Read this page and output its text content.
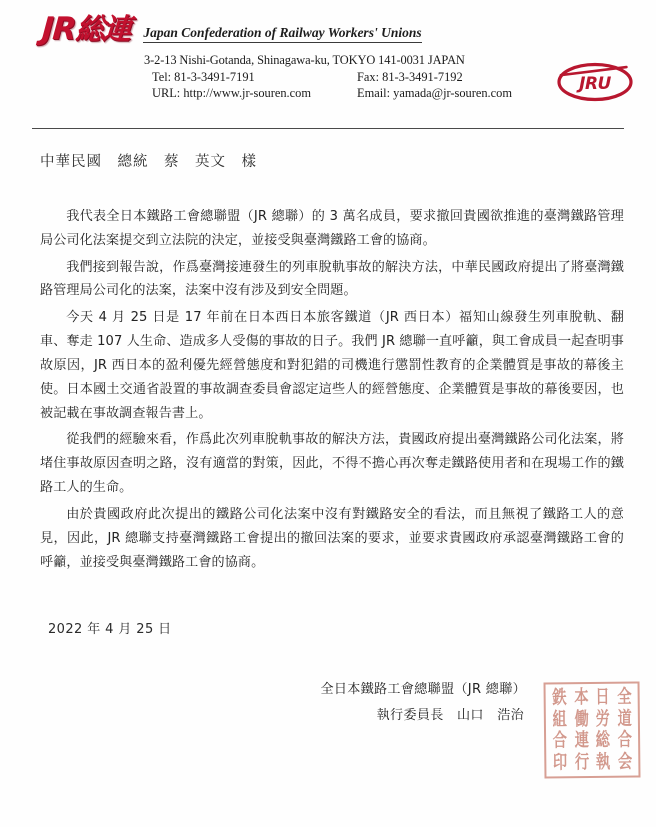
JR総連 Japan Confederation of Railway Workers' Unions
3-2-13 Nishi-Gotanda, Shinagawa-ku, TOKYO 141-0031 JAPAN
Tel: 81-3-3491-7191	Fax: 81-3-3491-7192
URL: http://www.jr-souren.com	Email: yamada@jr-souren.com	JRU
中華民國　總統　蔡　英文　樣

我代表全日本鐵路工會總聯盟（JR 總聯）的 3 萬名成員，要求撤回貴國欲推進的臺灣鐵路管理局公司化法案提交到立法院的決定，並接受與臺灣鐵路工會的協商。

我們接到報告說，作爲臺灣接連發生的列車脫軌事故的解決方法，中華民國政府提出了將臺灣鐵路管理局公司化的法案，法案中沒有涉及到安全問題。

今天 4 月 25 日是 17 年前在日本西日本旅客鐵道（JR 西日本）福知山線發生列車脫軌、翻車、奪走 107 人生命、造成多人受傷的事故的日子。我們 JR 總聯一直呼籲，與工會成員一起查明事故原因，JR 西日本的盈利優先經營態度和對犯錯的司機進行懲罰性教育的企業體質是事故的幕後主使。日本國土交通省設置的事故調查委員會認定這些人的經營態度、企業體質是事故的幕後要因，也被記載在事故調查報告書上。

從我們的經驗來看，作爲此次列車脫軌事故的解決方法，貴國政府提出臺灣鐵路公司化法案，將堵住事故原因查明之路，沒有適當的對策，因此，不得不擔心再次奪走鐵路使用者和在現場工作的鐵路工人的生命。

由於貴國政府此次提出的鐵路公司化法案中沒有對鐵路安全的看法，而且無視了鐵路工人的意見，因此，JR 總聯支持臺灣鐵路工會提出的撤回法案的要求，並要求貴國政府承認臺灣鐵路工會的呼籲，並接受與臺灣鐵路工會的協商。

2022 年 4 月 25 日
全日本鐵路工會總聯盟（JR 總聯）
執行委員長　山口　浩治
全
日
本
鉄
道
労
働
組
合
総
連
合
会
執
行
印
